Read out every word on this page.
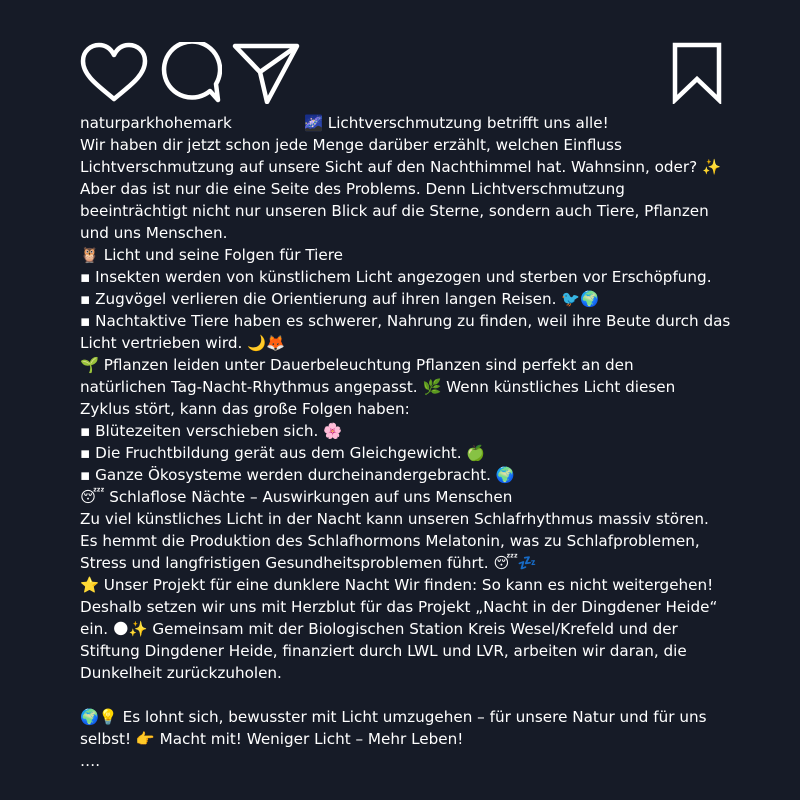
naturparkhohemark	🌌 Lichtverschmutzung betrifft uns alle!
Wir haben dir jetzt schon jede Menge darüber erzählt, welchen Einfluss
Lichtverschmutzung auf unsere Sicht auf den Nachthimmel hat. Wahnsinn, oder? ✨
Aber das ist nur die eine Seite des Problems. Denn Lichtverschmutzung
beeinträchtigt nicht nur unseren Blick auf die Sterne, sondern auch Tiere, Pflanzen
und uns Menschen.
🦉 Licht und seine Folgen für Tiere
▪︎ Insekten werden von künstlichem Licht angezogen und sterben vor Erschöpfung.
▪︎ Zugvögel verlieren die Orientierung auf ihren langen Reisen. 🐦🌍
▪︎ Nachtaktive Tiere haben es schwerer, Nahrung zu finden, weil ihre Beute durch das
Licht vertrieben wird. 🌙🦊
🌱 Pflanzen leiden unter Dauerbeleuchtung Pflanzen sind perfekt an den
natürlichen Tag-Nacht-Rhythmus angepasst. 🌿 Wenn künstliches Licht diesen
Zyklus stört, kann das große Folgen haben:
▪︎ Blütezeiten verschieben sich. 🌸
▪︎ Die Fruchtbildung gerät aus dem Gleichgewicht. 🍏
▪︎ Ganze Ökosysteme werden durcheinandergebracht. 🌍
😴 Schlaflose Nächte – Auswirkungen auf uns Menschen
Zu viel künstliches Licht in der Nacht kann unseren Schlafrhythmus massiv stören.
Es hemmt die Produktion des Schlafhormons Melatonin, was zu Schlafproblemen,
Stress und langfristigen Gesundheitsproblemen führt. 😴💤
⭐ Unser Projekt für eine dunklere Nacht Wir finden: So kann es nicht weitergehen!
Deshalb setzen wir uns mit Herzblut für das Projekt „Nacht in der Dingdener Heide“
ein. 🌑✨ Gemeinsam mit der Biologischen Station Kreis Wesel/Krefeld und der
Stiftung Dingdener Heide, finanziert durch LWL und LVR, arbeiten wir daran, die
Dunkelheit zurückzuholen.
🌍💡 Es lohnt sich, bewusster mit Licht umzugehen – für unsere Natur und für uns
selbst! 👉 Macht mit! Weniger Licht – Mehr Leben!
….
